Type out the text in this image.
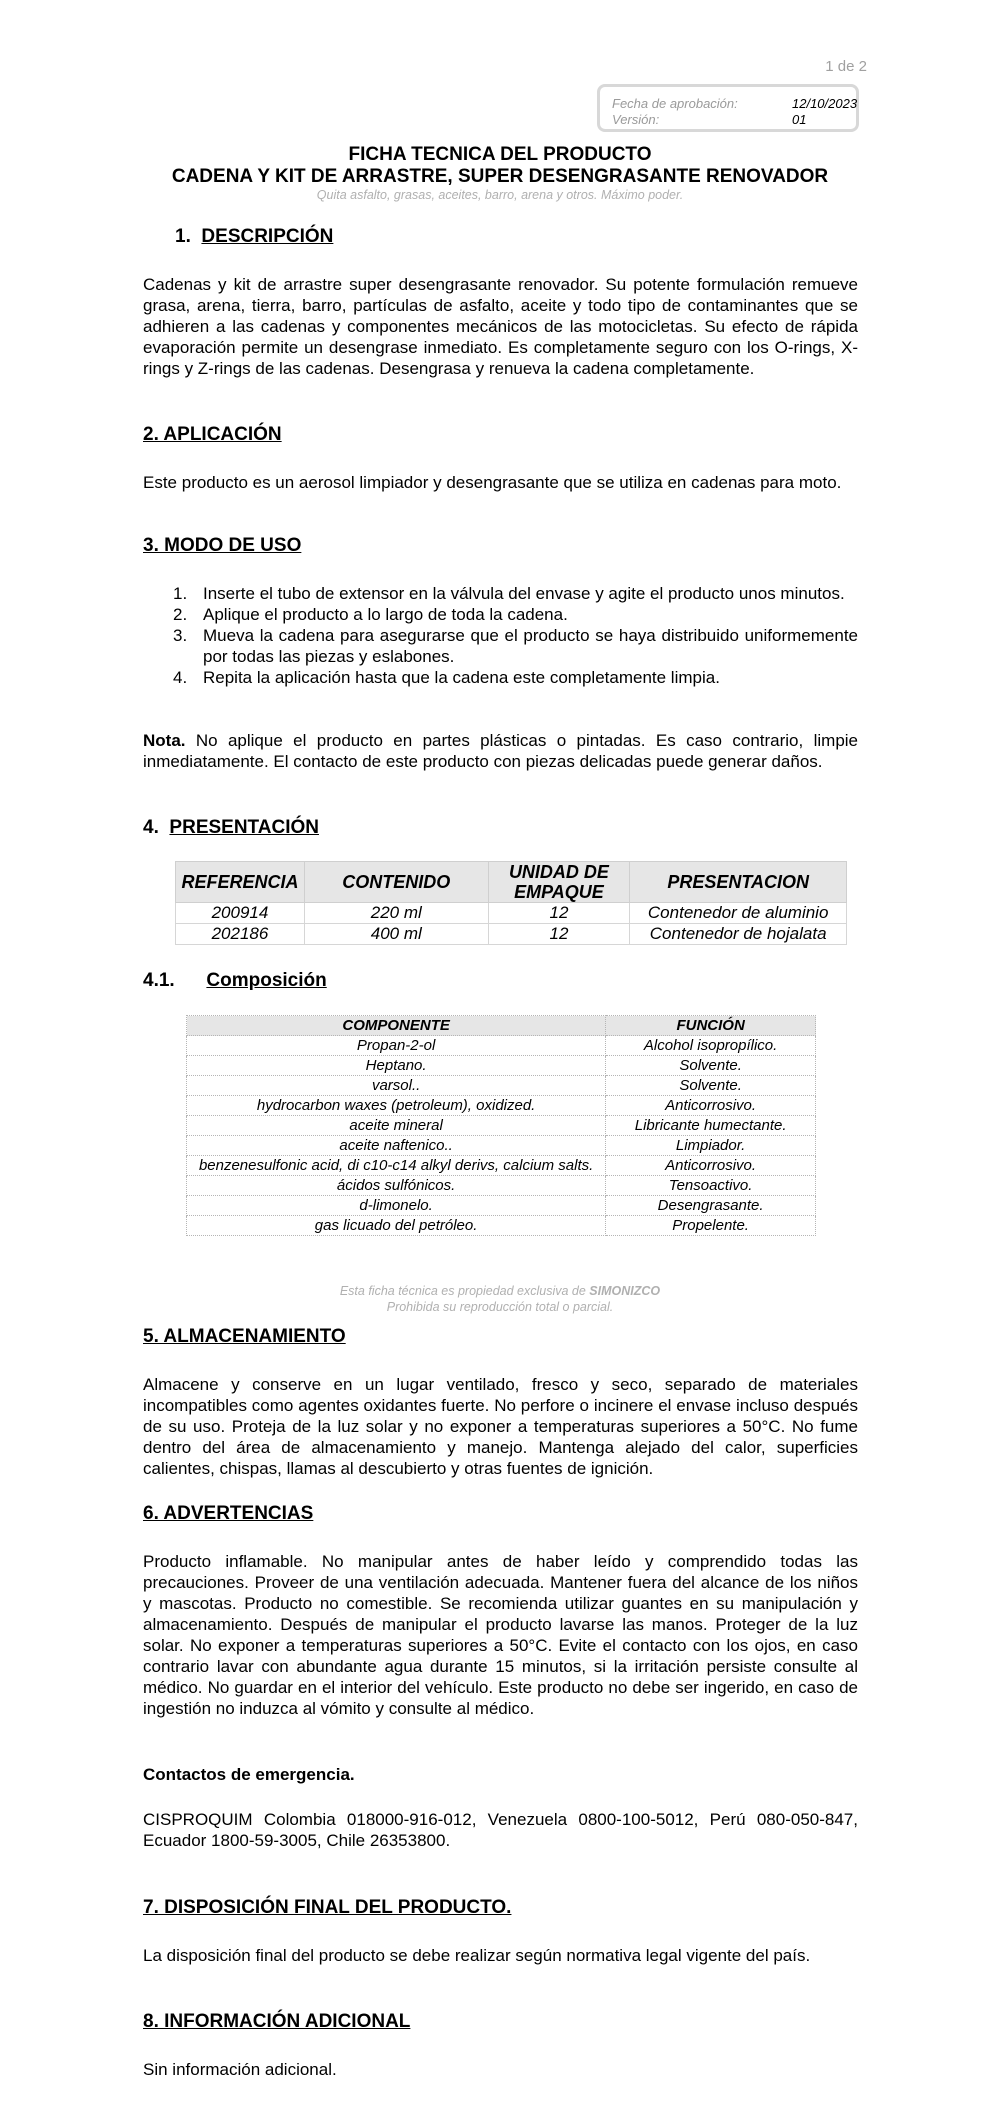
1 de 2
Fecha de aprobación:	12/10/2023
Versión:	01
FICHA TECNICA DEL PRODUCTO
CADENA Y KIT DE ARRASTRE, SUPER DESENGRASANTE RENOVADOR
Quita asfalto, grasas, aceites, barro, arena y otros. Máximo poder.
1. DESCRIPCIÓN
Cadenas y kit de arrastre super desengrasante renovador. Su potente formulación remueve grasa, arena, tierra, barro, partículas de asfalto, aceite y todo tipo de contaminantes que se adhieren a las cadenas y componentes mecánicos de las motocicletas. Su efecto de rápida evaporación permite un desengrase inmediato. Es completamente seguro con los O-rings, X-rings y Z-rings de las cadenas. Desengrasa y renueva la cadena completamente.
2. APLICACIÓN
Este producto es un aerosol limpiador y desengrasante que se utiliza en cadenas para moto.
3. MODO DE USO
1. Inserte el tubo de extensor en la válvula del envase y agite el producto unos minutos.
2. Aplique el producto a lo largo de toda la cadena.
3. Mueva la cadena para asegurarse que el producto se haya distribuido uniformemente por todas las piezas y eslabones.
4. Repita la aplicación hasta que la cadena este completamente limpia.
Nota. No aplique el producto en partes plásticas o pintadas. Es caso contrario, limpie inmediatamente. El contacto de este producto con piezas delicadas puede generar daños.
4. PRESENTACIÓN
REFERENCIA	CONTENIDO	UNIDAD DE EMPAQUE	PRESENTACION
200914	220 ml	12	Contenedor de aluminio
202186	400 ml	12	Contenedor de hojalata
4.1. Composición
COMPONENTE	FUNCIÓN
Propan-2-ol	Alcohol isopropílico.
Heptano.	Solvente.
varsol..	Solvente.
hydrocarbon waxes (petroleum), oxidized.	Anticorrosivo.
aceite mineral	Libricante humectante.
aceite naftenico..	Limpiador.
benzenesulfonic acid, di c10-c14 alkyl derivs, calcium salts.	Anticorrosivo.
ácidos sulfónicos.	Tensoactivo.
d-limonelo.	Desengrasante.
gas licuado del petróleo.	Propelente.
Esta ficha técnica es propiedad exclusiva de SIMONIZCO
Prohibida su reproducción total o parcial.
5. ALMACENAMIENTO
Almacene y conserve en un lugar ventilado, fresco y seco, separado de materiales incompatibles como agentes oxidantes fuerte. No perfore o incinere el envase incluso después de su uso. Proteja de la luz solar y no exponer a temperaturas superiores a 50°C. No fume dentro del área de almacenamiento y manejo. Mantenga alejado del calor, superficies calientes, chispas, llamas al descubierto y otras fuentes de ignición.
6. ADVERTENCIAS
Producto inflamable. No manipular antes de haber leído y comprendido todas las precauciones. Proveer de una ventilación adecuada. Mantener fuera del alcance de los niños y mascotas. Producto no comestible. Se recomienda utilizar guantes en su manipulación y almacenamiento. Después de manipular el producto lavarse las manos. Proteger de la luz solar. No exponer a temperaturas superiores a 50°C. Evite el contacto con los ojos, en caso contrario lavar con abundante agua durante 15 minutos, si la irritación persiste consulte al médico. No guardar en el interior del vehículo. Este producto no debe ser ingerido, en caso de ingestión no induzca al vómito y consulte al médico.
Contactos de emergencia.
CISPROQUIM Colombia 018000-916-012, Venezuela 0800-100-5012, Perú 080-050-847, Ecuador 1800-59-3005, Chile 26353800.
7. DISPOSICIÓN FINAL DEL PRODUCTO.
La disposición final del producto se debe realizar según normativa legal vigente del país.
8. INFORMACIÓN ADICIONAL
Sin información adicional.
